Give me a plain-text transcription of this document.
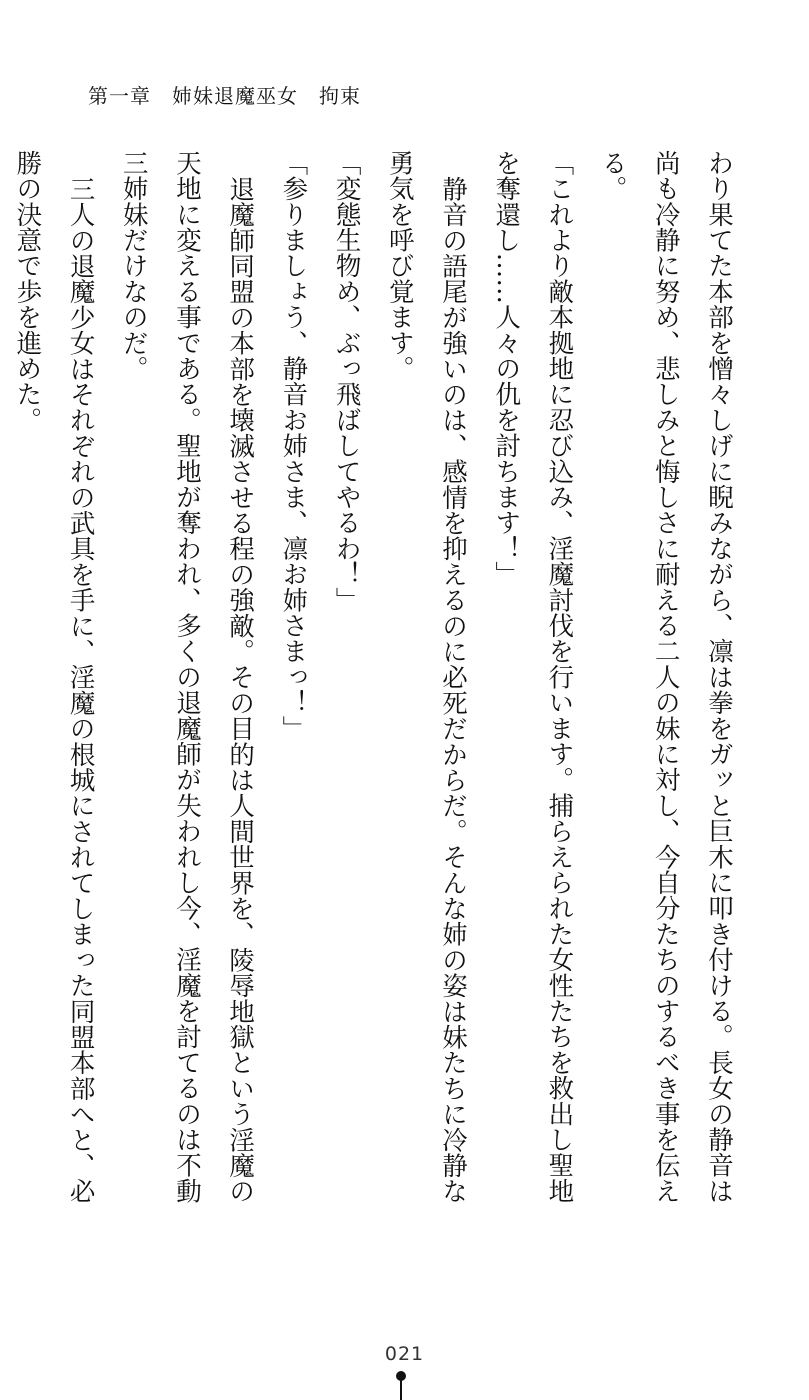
第一章　姉妹退魔巫女　拘束

わり果てた本部を憎々しげに睨みながら、凛は拳をガッと巨木に叩き付ける。長女の静音は尚も冷静に努め、悲しみと悔しさに耐える二人の妹に対し、今自分たちのするべき事を伝える。

「これより敵本拠地に忍び込み、淫魔討伐を行います。捕らえられた女性たちを救出し聖地を奪還し……人々の仇を討ちます！」

静音の語尾が強いのは、感情を抑えるのに必死だからだ。そんな姉の姿は妹たちに冷静な勇気を呼び覚ます。

「変態生物め、ぶっ飛ばしてやるわ！」

「参りましょう、静音お姉さま、凛お姉さまっ！」

退魔師同盟の本部を壊滅させる程の強敵。その目的は人間世界を、陵辱地獄という淫魔の天地に変える事である。聖地が奪われ、多くの退魔師が失われし今、淫魔を討てるのは不動三姉妹だけなのだ。

三人の退魔少女はそれぞれの武具を手に、淫魔の根城にされてしまった同盟本部へと、必勝の決意で歩を進めた。

021
